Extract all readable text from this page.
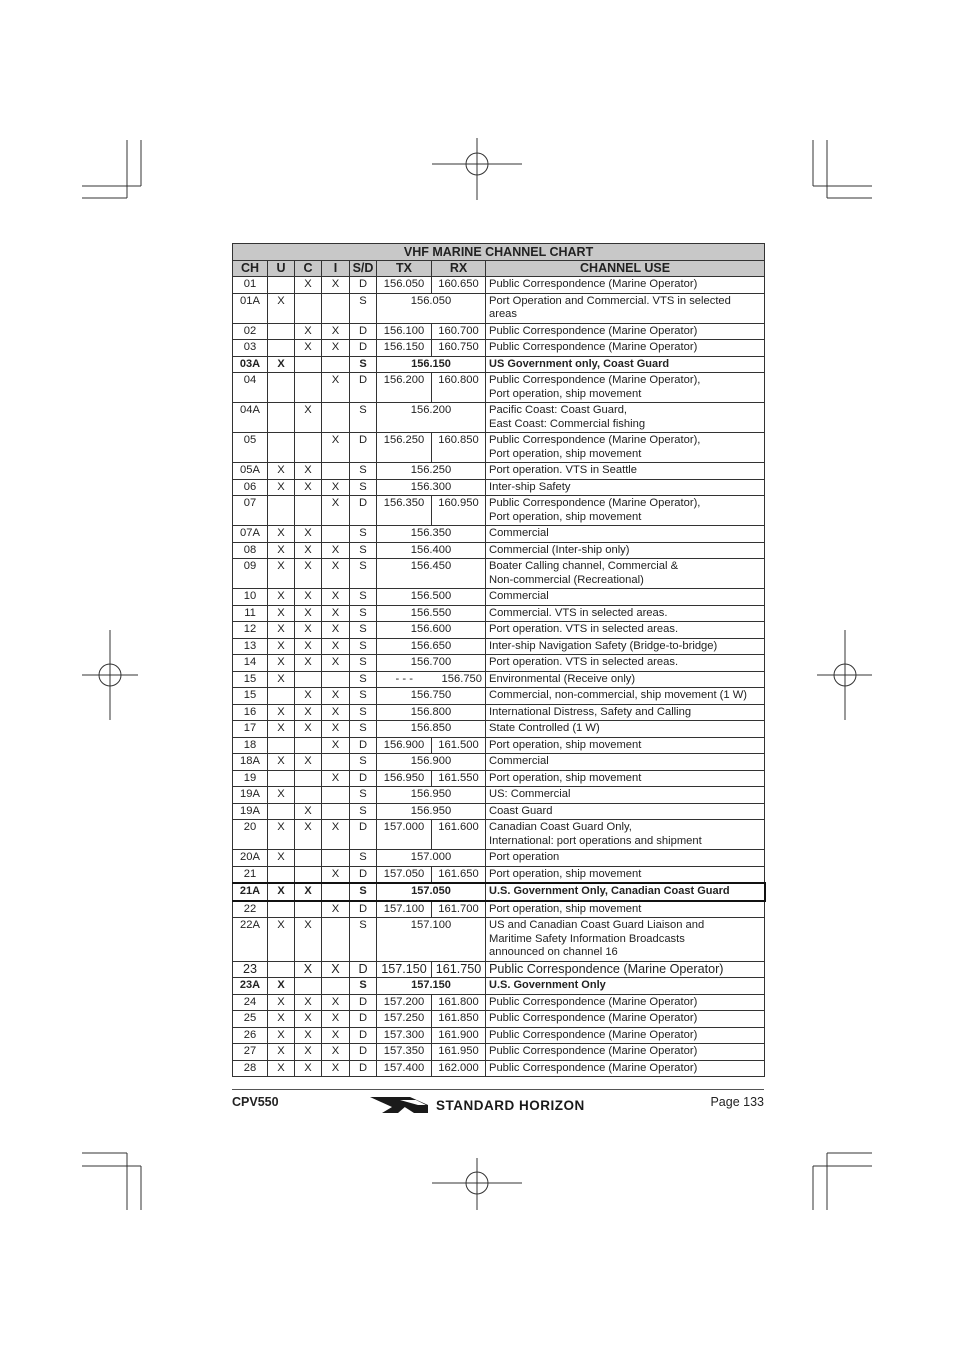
VHF MARINE CHANNEL CHART							
CH	U	C	I	S/D	TX	RX	CHANNEL USE
01		X	X	D	156.050	160.650	Public Correspondence (Marine Operator)

01A	X			S	156.050		Port Operation and Commercial. VTS in selected areas

02		X	X	D	156.100	160.700	Public Correspondence (Marine Operator)

03		X	X	D	156.150	160.750	Public Correspondence (Marine Operator)

03A	X			S	156.150		US Government only, Coast Guard

04			X	D	156.200	160.800	Public Correspondence (Marine Operator),
Port operation, ship movement

04A		X		S	156.200		Pacific Coast: Coast Guard,
East Coast: Commercial fishing

05			X	D	156.250	160.850	Public Correspondence (Marine Operator),
Port operation, ship movement

05A	X	X		S	156.250		Port operation. VTS in Seattle

06	X	X	X	S	156.300		Inter-ship Safety

07			X	D	156.350	160.950	Public Correspondence (Marine Operator),
Port operation, ship movement

07A	X	X		S	156.350		Commercial

08	X	X	X	S	156.400		Commercial (Inter-ship only)

09	X	X	X	S	156.450		Boater Calling channel, Commercial &
Non-commercial (Recreational)

10	X	X	X	S	156.500		Commercial

11	X	X	X	S	156.550		Commercial. VTS in selected areas.

12	X	X	X	S	156.600		Port operation. VTS in selected areas.

13	X	X	X	S	156.650		Inter-ship Navigation Safety (Bridge-to-bridge)

14	X	X	X	S	156.700		Port operation. VTS in selected areas.

15	X			S	- - -	156.750	Environmental (Receive only)

15		X	X	S	156.750		Commercial, non-commercial, ship movement (1 W)

16	X	X	X	S	156.800		International Distress, Safety and Calling

17	X	X	X	S	156.850		State Controlled (1 W)

18			X	D	156.900	161.500	Port operation, ship movement

18A	X	X		S	156.900		Commercial

19			X	D	156.950	161.550	Port operation, ship movement

19A	X			S	156.950		US: Commercial

19A		X		S	156.950		Coast Guard

20	X	X	X	D	157.000	161.600	Canadian Coast Guard Only,
International: port operations and shipment

20A	X			S	157.000		Port operation

21			X	D	157.050	161.650	Port operation, ship movement

21A	X	X		S	157.050		U.S. Government Only, Canadian Coast Guard

22			X	D	157.100	161.700	Port operation, ship movement

22A	X	X		S	157.100		US and Canadian Coast Guard Liaison and
Maritime Safety Information Broadcasts
announced on channel 16

23		X	X	D	157.150	161.750	Public Correspondence (Marine Operator)

23A	X			S	157.150		U.S. Government Only

24	X	X	X	D	157.200	161.800	Public Correspondence (Marine Operator)

25	X	X	X	D	157.250	161.850	Public Correspondence (Marine Operator)

26	X	X	X	D	157.300	161.900	Public Correspondence (Marine Operator)

27	X	X	X	D	157.350	161.950	Public Correspondence (Marine Operator)

28	X	X	X	D	157.400	162.000	Public Correspondence (Marine Operator)
CPV550	STANDARD HORIZON	Page 133
